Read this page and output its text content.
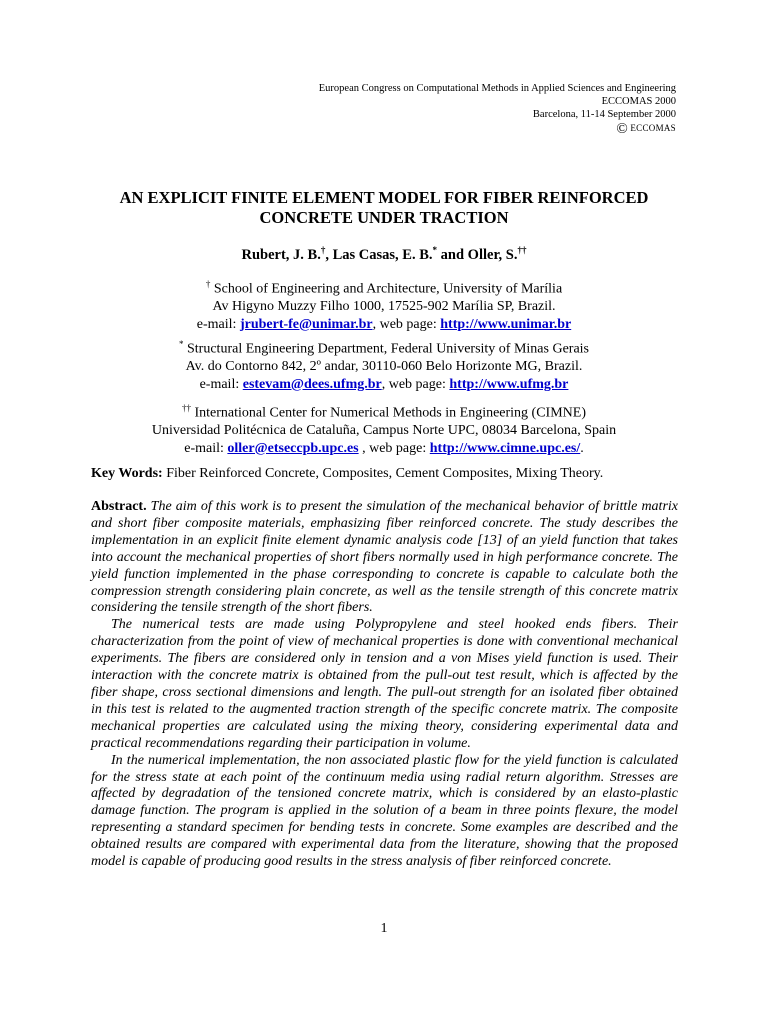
European Congress on Computational Methods in Applied Sciences and Engineering
ECCOMAS 2000
Barcelona, 11-14 September 2000
© ECCOMAS
AN EXPLICIT FINITE ELEMENT MODEL FOR FIBER REINFORCED
CONCRETE UNDER TRACTION
Rubert, J. B.†, Las Casas, E. B.* and Oller, S.††
† School of Engineering and Architecture, University of Marília
Av Higyno Muzzy Filho 1000, 17525-902 Marília SP, Brazil.
e-mail: jrubert-fe@unimar.br, web page: http://www.unimar.br
* Structural Engineering Department, Federal University of Minas Gerais
Av. do Contorno 842, 2º andar, 30110-060 Belo Horizonte MG, Brazil.
e-mail: estevam@dees.ufmg.br, web page: http://www.ufmg.br
†† International Center for Numerical Methods in Engineering (CIMNE)
Universidad Politécnica de Cataluña, Campus Norte UPC, 08034 Barcelona, Spain
e-mail: oller@etseccpb.upc.es , web page: http://www.cimne.upc.es/.
Key Words: Fiber Reinforced Concrete, Composites, Cement Composites, Mixing Theory.

Abstract. The aim of this work is to present the simulation of the mechanical behavior of brittle matrix and short fiber composite materials, emphasizing fiber reinforced concrete. The study describes the implementation in an explicit finite element dynamic analysis code [13] of an yield function that takes into account the mechanical properties of short fibers normally used in high performance concrete. The yield function implemented in the phase corresponding to concrete is capable to calculate both the compression strength considering plain concrete, as well as the tensile strength of this concrete matrix considering the tensile strength of the short fibers.

The numerical tests are made using Polypropylene and steel hooked ends fibers. Their characterization from the point of view of mechanical properties is done with conventional mechanical experiments. The fibers are considered only in tension and a von Mises yield function is used. Their interaction with the concrete matrix is obtained from the pull-out test result, which is affected by the fiber shape, cross sectional dimensions and length. The pull-out strength for an isolated fiber obtained in this test is related to the augmented traction strength of the specific concrete matrix. The composite mechanical properties are calculated using the mixing theory, considering experimental data and practical recommendations regarding their participation in volume.

In the numerical implementation, the non associated plastic flow for the yield function is calculated for the stress state at each point of the continuum media using radial return algorithm. Stresses are affected by degradation of the tensioned concrete matrix, which is considered by an elasto-plastic damage function. The program is applied in the solution of a beam in three points flexure, the model representing a standard specimen for bending tests in concrete. Some examples are described and the obtained results are compared with experimental data from the literature, showing that the proposed model is capable of producing good results in the stress analysis of fiber reinforced concrete.

1
